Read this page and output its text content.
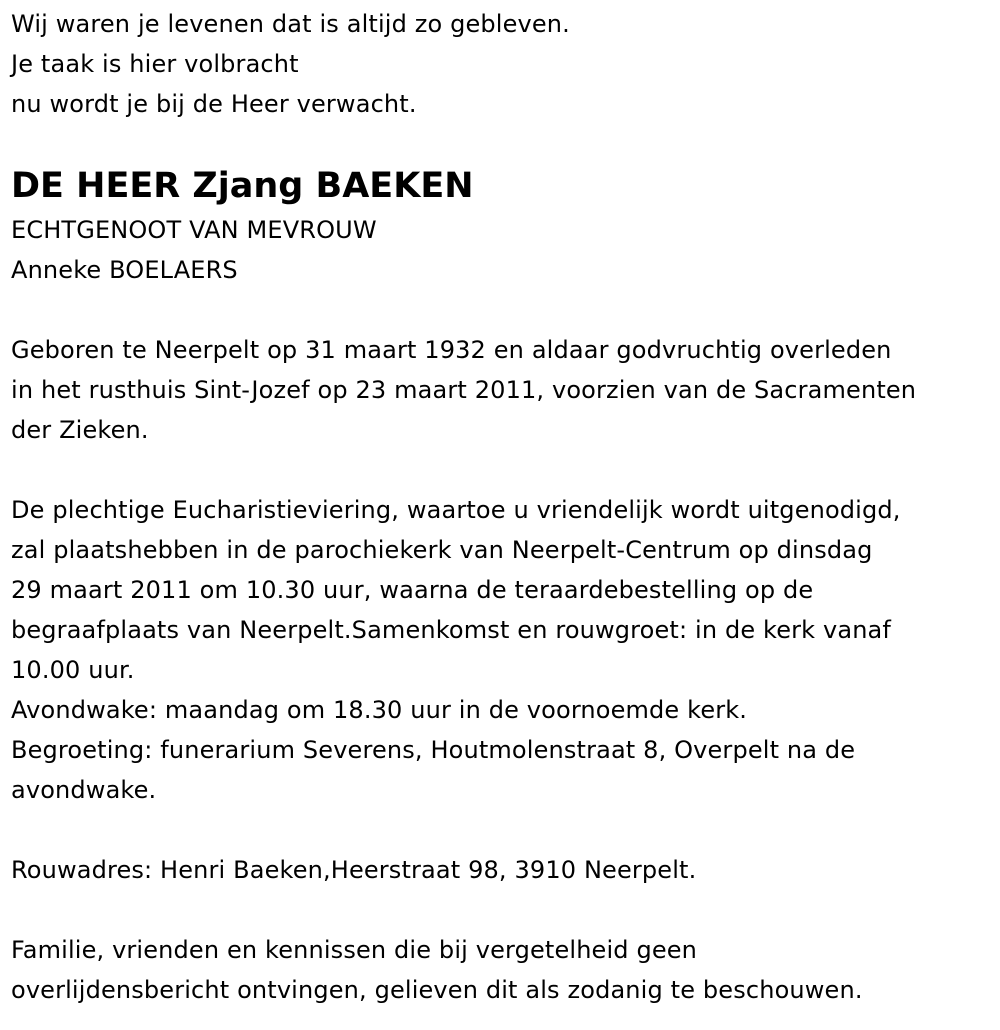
Wij waren je levenen dat is altijd zo gebleven.
Je taak is hier volbracht
nu wordt je bij de Heer verwacht.
DE HEER Zjang BAEKEN
ECHTGENOOT VAN MEVROUW
Anneke BOELAERS
Geboren te Neerpelt op 31 maart 1932 en aldaar godvruchtig overleden
in het rusthuis Sint-Jozef op 23 maart 2011, voorzien van de Sacramenten
der Zieken.
De plechtige Eucharistieviering, waartoe u vriendelijk wordt uitgenodigd,
zal plaatshebben in de parochiekerk van Neerpelt-Centrum op dinsdag
29 maart 2011 om 10.30 uur, waarna de teraardebestelling op de
begraafplaats van Neerpelt.Samenkomst en rouwgroet: in de kerk vanaf
10.00 uur.
Avondwake: maandag om 18.30 uur in de voornoemde kerk.
Begroeting: funerarium Severens, Houtmolenstraat 8, Overpelt na de
avondwake.
Rouwadres: Henri Baeken,Heerstraat 98, 3910 Neerpelt.
Familie, vrienden en kennissen die bij vergetelheid geen
overlijdensbericht ontvingen, gelieven dit als zodanig te beschouwen.
